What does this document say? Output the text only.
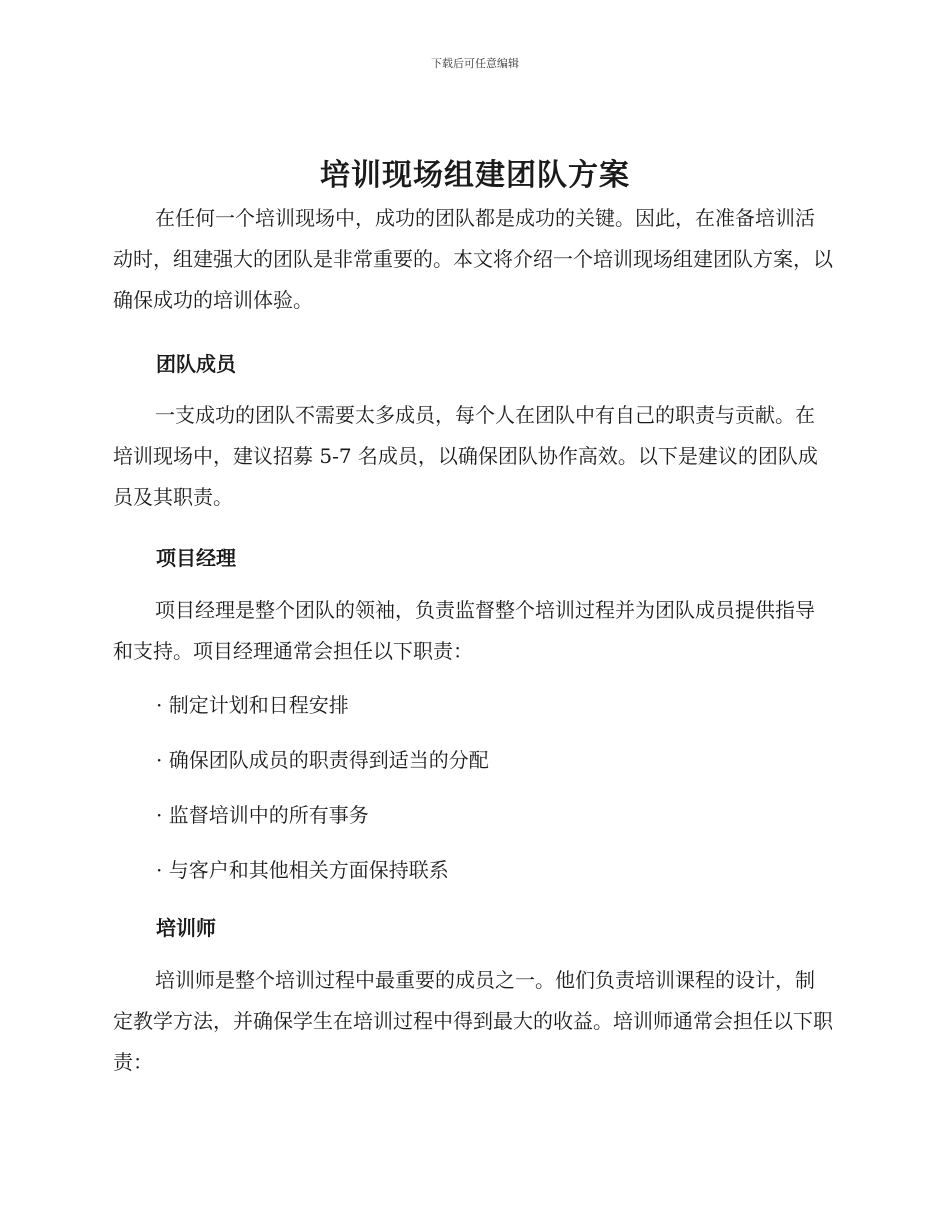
下载后可任意编辑
培训现场组建团队方案

在任何一个培训现场中，成功的团队都是成功的关键。因此，在准备培训活动时，组建强大的团队是非常重要的。本文将介绍一个培训现场组建团队方案，以确保成功的培训体验。

团队成员

一支成功的团队不需要太多成员，每个人在团队中有自己的职责与贡献。在培训现场中，建议招募 5-7 名成员，以确保团队协作高效。以下是建议的团队成员及其职责。

项目经理

项目经理是整个团队的领袖，负责监督整个培训过程并为团队成员提供指导和支持。项目经理通常会担任以下职责：

· 制定计划和日程安排

· 确保团队成员的职责得到适当的分配

· 监督培训中的所有事务

· 与客户和其他相关方面保持联系

培训师

培训师是整个培训过程中最重要的成员之一。他们负责培训课程的设计，制定教学方法，并确保学生在培训过程中得到最大的收益。培训师通常会担任以下职责：
